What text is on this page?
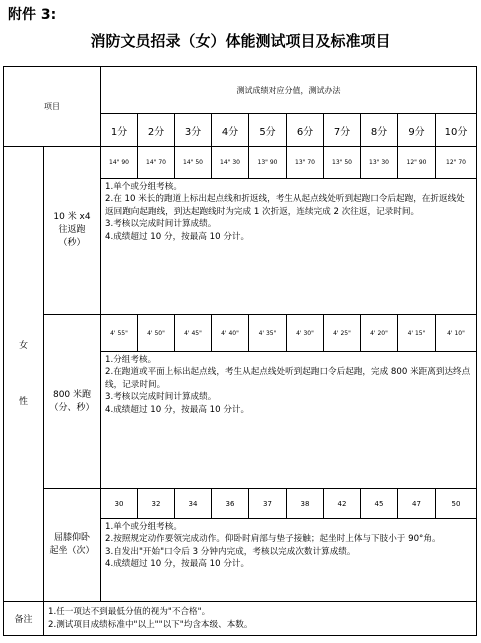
附件 3:
消防文员招录（女）体能测试项目及标准项目
项目		测试成绩对应分值，测试办法									
		1分	2分	3分	4分	5分	6分	7分	8分	9分	10分
女

性	10 米 x4
往返跑
（秒）	14" 90	14" 70	14" 50	14" 30	13" 90	13" 70	13" 50	13" 30	12" 90	12" 70

		1.单个或分组考核。
2.在 10 米长的跑道上标出起点线和折返线，考生从起点线处听到起跑口令后起跑，在折返线处返回跑向起跑线，到达起跑线时为完成 1 次折返，连续完成 2 次往返，记录时间。
3.考核以完成时间计算成绩。
4.成绩超过 10 分，按最高 10 分计。									

	800 米跑
（分、秒）	4' 55"	4' 50"	4' 45"	4' 40"	4' 35"	4' 30"	4' 25"	4' 20"	4' 15"	4' 10"

		1.分组考核。
2.在跑道或平面上标出起点线，考生从起点线处听到起跑口令后起跑，完成 800 米距离到达终点线，记录时间。
3.考核以完成时间计算成绩。
4.成绩超过 10 分，按最高 10 分计。									

	屈膝仰卧
起坐（次）	30	32	34	36	37	38	42	45	47	50

		1.单个或分组考核。
2.按照规定动作要领完成动作。仰卧时肩部与垫子接触；起坐时上体与下肢小于 90°角。
3.自发出"开始"口令后 3 分钟内完成，考核以完成次数计算成绩。
4.成绩超过 10 分，按最高 10 分计。									

备注	1.任一项达不到最低分值的视为"不合格"。
2.测试项目成绩标准中"以上""以下"均含本级、本数。										
